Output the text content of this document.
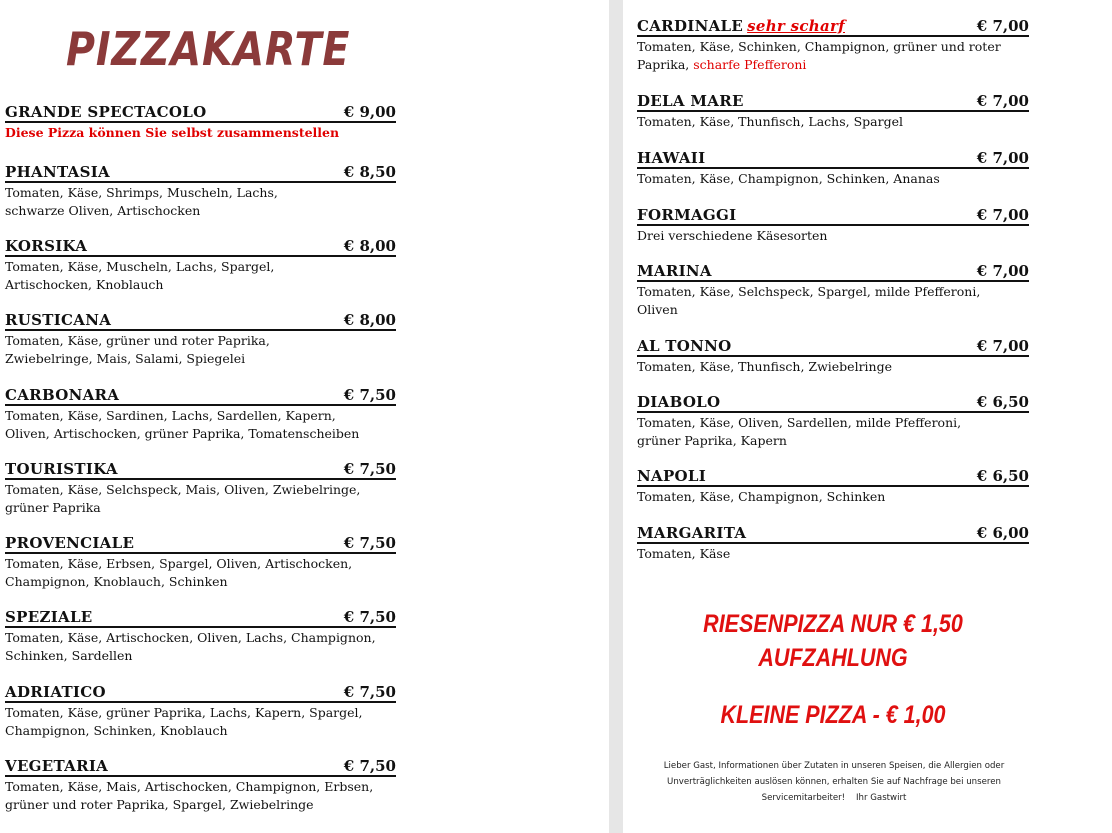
PIZZAKARTE
GRANDE SPECTACOLO	€ 9,00
Diese Pizza können Sie selbst zusammenstellen
PHANTASIA	€ 8,50
Tomaten, Käse, Shrimps, Muscheln, Lachs,
schwarze Oliven, Artischocken
KORSIKA	€ 8,00
Tomaten, Käse, Muscheln, Lachs, Spargel,
Artischocken, Knoblauch
RUSTICANA	€ 8,00
Tomaten, Käse, grüner und roter Paprika,
Zwiebelringe, Mais, Salami, Spiegelei
CARBONARA	€ 7,50
Tomaten, Käse, Sardinen, Lachs, Sardellen, Kapern,
Oliven, Artischocken, grüner Paprika, Tomatenscheiben
TOURISTIKA	€ 7,50
Tomaten, Käse, Selchspeck, Mais, Oliven, Zwiebelringe,
grüner Paprika
PROVENCIALE	€ 7,50
Tomaten, Käse, Erbsen, Spargel, Oliven, Artischocken,
Champignon, Knoblauch, Schinken
SPEZIALE	€ 7,50
Tomaten, Käse, Artischocken, Oliven, Lachs, Champignon,
Schinken, Sardellen
ADRIATICO	€ 7,50
Tomaten, Käse, grüner Paprika, Lachs, Kapern, Spargel,
Champignon, Schinken, Knoblauch
VEGETARIA	€ 7,50
Tomaten, Käse, Mais, Artischocken, Champignon, Erbsen,
grüner und roter Paprika, Spargel, Zwiebelringe
CARDINALE sehr scharf	€ 7,00
Tomaten, Käse, Schinken, Champignon, grüner und roter
Paprika, scharfe Pfefferoni
DELA MARE	€ 7,00
Tomaten, Käse, Thunfisch, Lachs, Spargel
HAWAII	€ 7,00
Tomaten, Käse, Champignon, Schinken, Ananas
FORMAGGI	€ 7,00
Drei verschiedene Käsesorten
MARINA	€ 7,00
Tomaten, Käse, Selchspeck, Spargel, milde Pfefferoni,
Oliven
AL TONNO	€ 7,00
Tomaten, Käse, Thunfisch, Zwiebelringe
DIABOLO	€ 6,50
Tomaten, Käse, Oliven, Sardellen, milde Pfefferoni,
grüner Paprika, Kapern
NAPOLI	€ 6,50
Tomaten, Käse, Champignon, Schinken
MARGARITA	€ 6,00
Tomaten, Käse
RIESENPIZZA NUR € 1,50
AUFZAHLUNG
KLEINE PIZZA - € 1,00
Lieber Gast, Informationen über Zutaten in unseren Speisen, die Allergien oder
Unverträglichkeiten auslösen können, erhalten Sie auf Nachfrage bei unseren
Servicemitarbeiter!    Ihr Gastwirt
